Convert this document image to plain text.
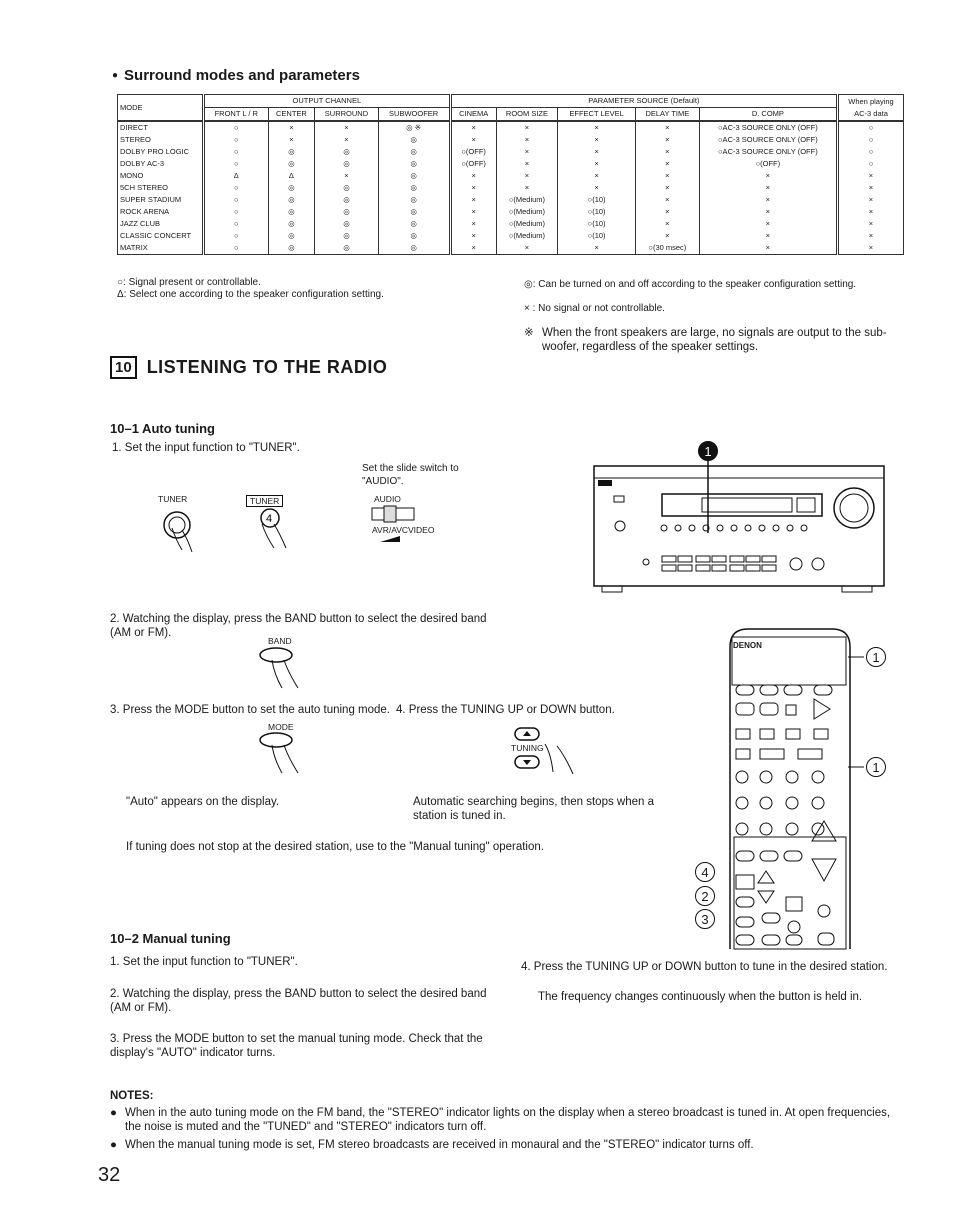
● Surround modes and parameters
MODE	OUTPUT CHANNEL				PARAMETER SOURCE (Default)					When playing AC-3 data
	FRONT L / R	CENTER	SURROUND	SUBWOOFER	CINEMA	ROOM SIZE	EFFECT LEVEL	DELAY TIME	D. COMP	
DIRECT	○	×	×	◎ ※	×	×	×	×	○AC-3 SOURCE ONLY (OFF)	○
STEREO	○	×	×	◎	×	×	×	×	○AC-3 SOURCE ONLY (OFF)	○
DOLBY PRO LOGIC	○	◎	◎	◎	○(OFF)	×	×	×	○AC-3 SOURCE ONLY (OFF)	○
DOLBY AC-3	○	◎	◎	◎	○(OFF)	×	×	×	○(OFF)	○
MONO	Δ	Δ	×	◎	×	×	×	×	×	×
5CH STEREO	○	◎	◎	◎	×	×	×	×	×	×
SUPER STADIUM	○	◎	◎	◎	×	○(Medium)	○(10)	×	×	×
ROCK ARENA	○	◎	◎	◎	×	○(Medium)	○(10)	×	×	×
JAZZ CLUB	○	◎	◎	◎	×	○(Medium)	○(10)	×	×	×
CLASSIC CONCERT	○	◎	◎	◎	×	○(Medium)	○(10)	×	×	×
MATRIX	○	◎	◎	◎	×	×	×	○(30 msec)	×	×
○: Signal present or controllable.
Δ: Select one according to the speaker configuration setting.
◎: Can be turned on and off according to the speaker configuration setting.
× : No signal or not controllable.
※ When the front speakers are large, no signals are output to the sub-woofer, regardless of the speaker settings.
10 LISTENING TO THE RADIO
10–1 Auto tuning
1. Set the input function to "TUNER".
TUNER	TUNER
Set the slide switch to "AUDIO".
AUDIO
AVR/AVC VIDEO
4
1
2. Watching the display, press the BAND button to select the desired band (AM or FM).
BAND
3. Press the MODE button to set the auto tuning mode.
MODE
4. Press the TUNING UP or DOWN button.
TUNING
"Auto" appears on the display.	Automatic searching begins, then stops when a station is tuned in.
If tuning does not stop at the desired station, use to the "Manual tuning" operation.
DENON
1
1
4
2
3
10–2 Manual tuning
1. Set the input function to "TUNER".
2. Watching the display, press the BAND button to select the desired band (AM or FM).
3. Press the MODE button to set the manual tuning mode. Check that the display's "AUTO" indicator turns.
4. Press the TUNING UP or DOWN button to tune in the desired station.
The frequency changes continuously when the button is held in.
NOTES:
● When in the auto tuning mode on the FM band, the "STEREO" indicator lights on the display when a stereo broadcast is tuned in. At open frequencies, the noise is muted and the "TUNED" and "STEREO" indicators turn off.
● When the manual tuning mode is set, FM stereo broadcasts are received in monaural and the "STEREO" indicator turns off.
32
